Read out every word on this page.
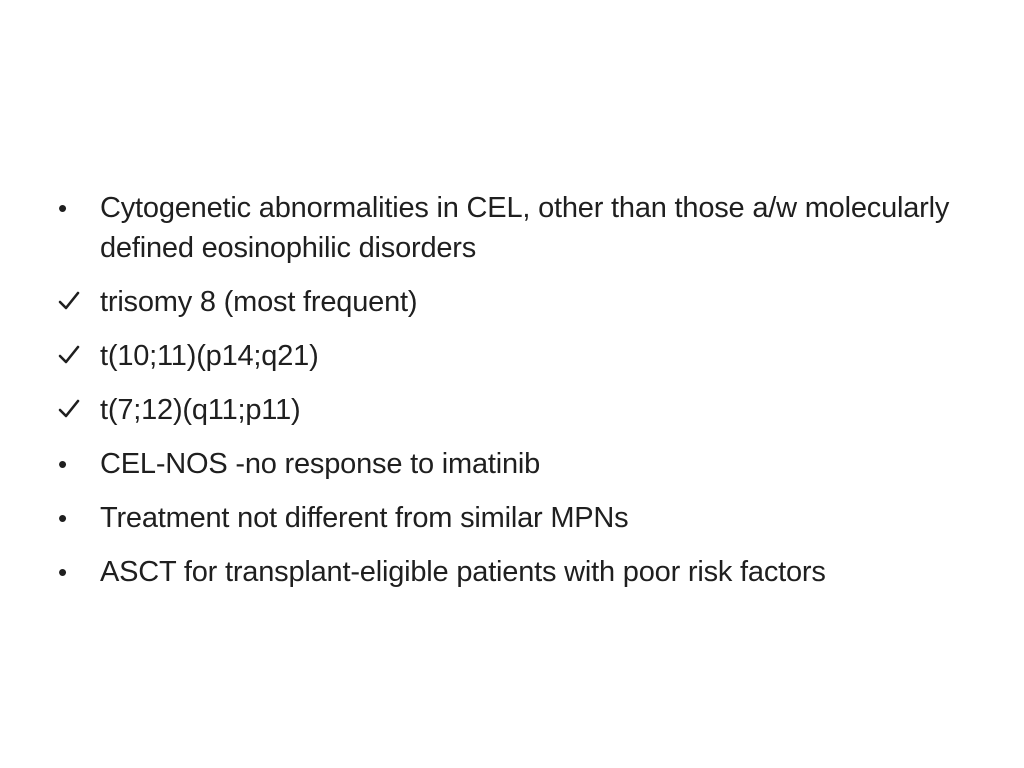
•	Cytogenetic abnormalities in CEL, other than those a/w molecularly defined eosinophilic disorders
trisomy 8 (most frequent)
t(10;11)(p14;q21)
t(7;12)(q11;p11)
•	CEL-NOS -no response to imatinib
•	Treatment not different from similar MPNs
•	ASCT for transplant-eligible patients with poor risk factors
